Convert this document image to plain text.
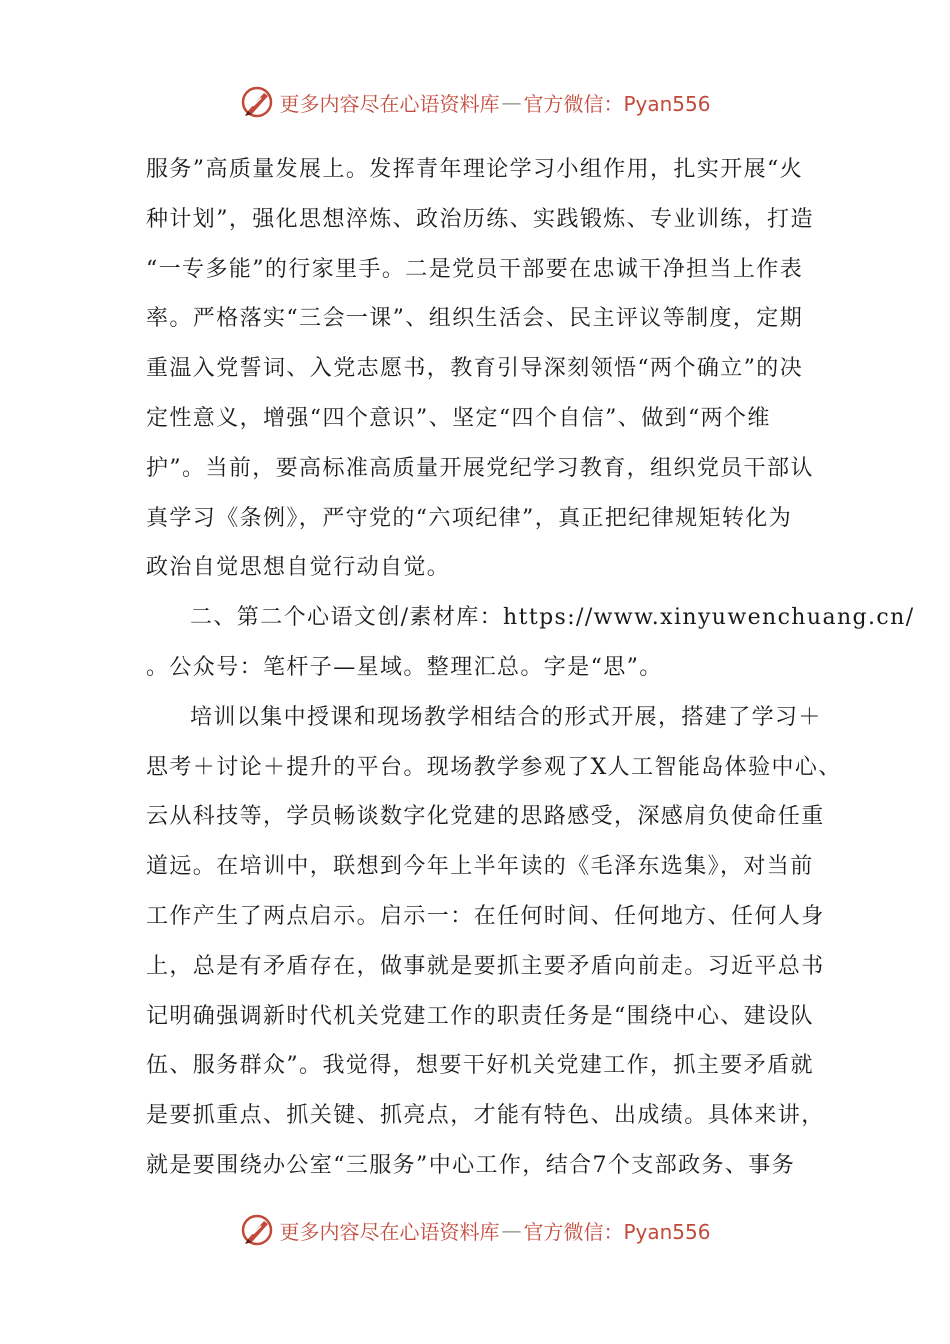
更多内容尽在心语资料库 — 官方微信：Pyan556
服务”高质量发展上。发挥青年理论学习小组作用，扎实开展“火
种计划”，强化思想淬炼、政治历练、实践锻炼、专业训练，打造
“一专多能”的行家里手。二是党员干部要在忠诚干净担当上作表
率。严格落实“三会一课”、组织生活会、民主评议等制度，定期
重温入党誓词、入党志愿书，教育引导深刻领悟“两个确立”的决
定性意义，增强“四个意识”、坚定“四个自信”、做到“两个维
护”。当前，要高标准高质量开展党纪学习教育，组织党员干部认
真学习《条例》，严守党的“六项纪律”，真正把纪律规矩转化为
政治自觉思想自觉行动自觉。
二、第二个心语文创/素材库：https://www.xinyuwenchuang.cn/
。公众号：笔杆子—星域。整理汇总。字是“思”。
培训以集中授课和现场教学相结合的形式开展，搭建了学习＋
思考＋讨论＋提升的平台。现场教学参观了X人工智能岛体验中心、
云从科技等，学员畅谈数字化党建的思路感受，深感肩负使命任重
道远。在培训中，联想到今年上半年读的《毛泽东选集》，对当前
工作产生了两点启示。启示一：在任何时间、任何地方、任何人身
上，总是有矛盾存在，做事就是要抓主要矛盾向前走。习近平总书
记明确强调新时代机关党建工作的职责任务是“围绕中心、建设队
伍、服务群众”。我觉得，想要干好机关党建工作，抓主要矛盾就
是要抓重点、抓关键、抓亮点，才能有特色、出成绩。具体来讲，
就是要围绕办公室“三服务”中心工作，结合7个支部政务、事务
更多内容尽在心语资料库 — 官方微信：Pyan556
